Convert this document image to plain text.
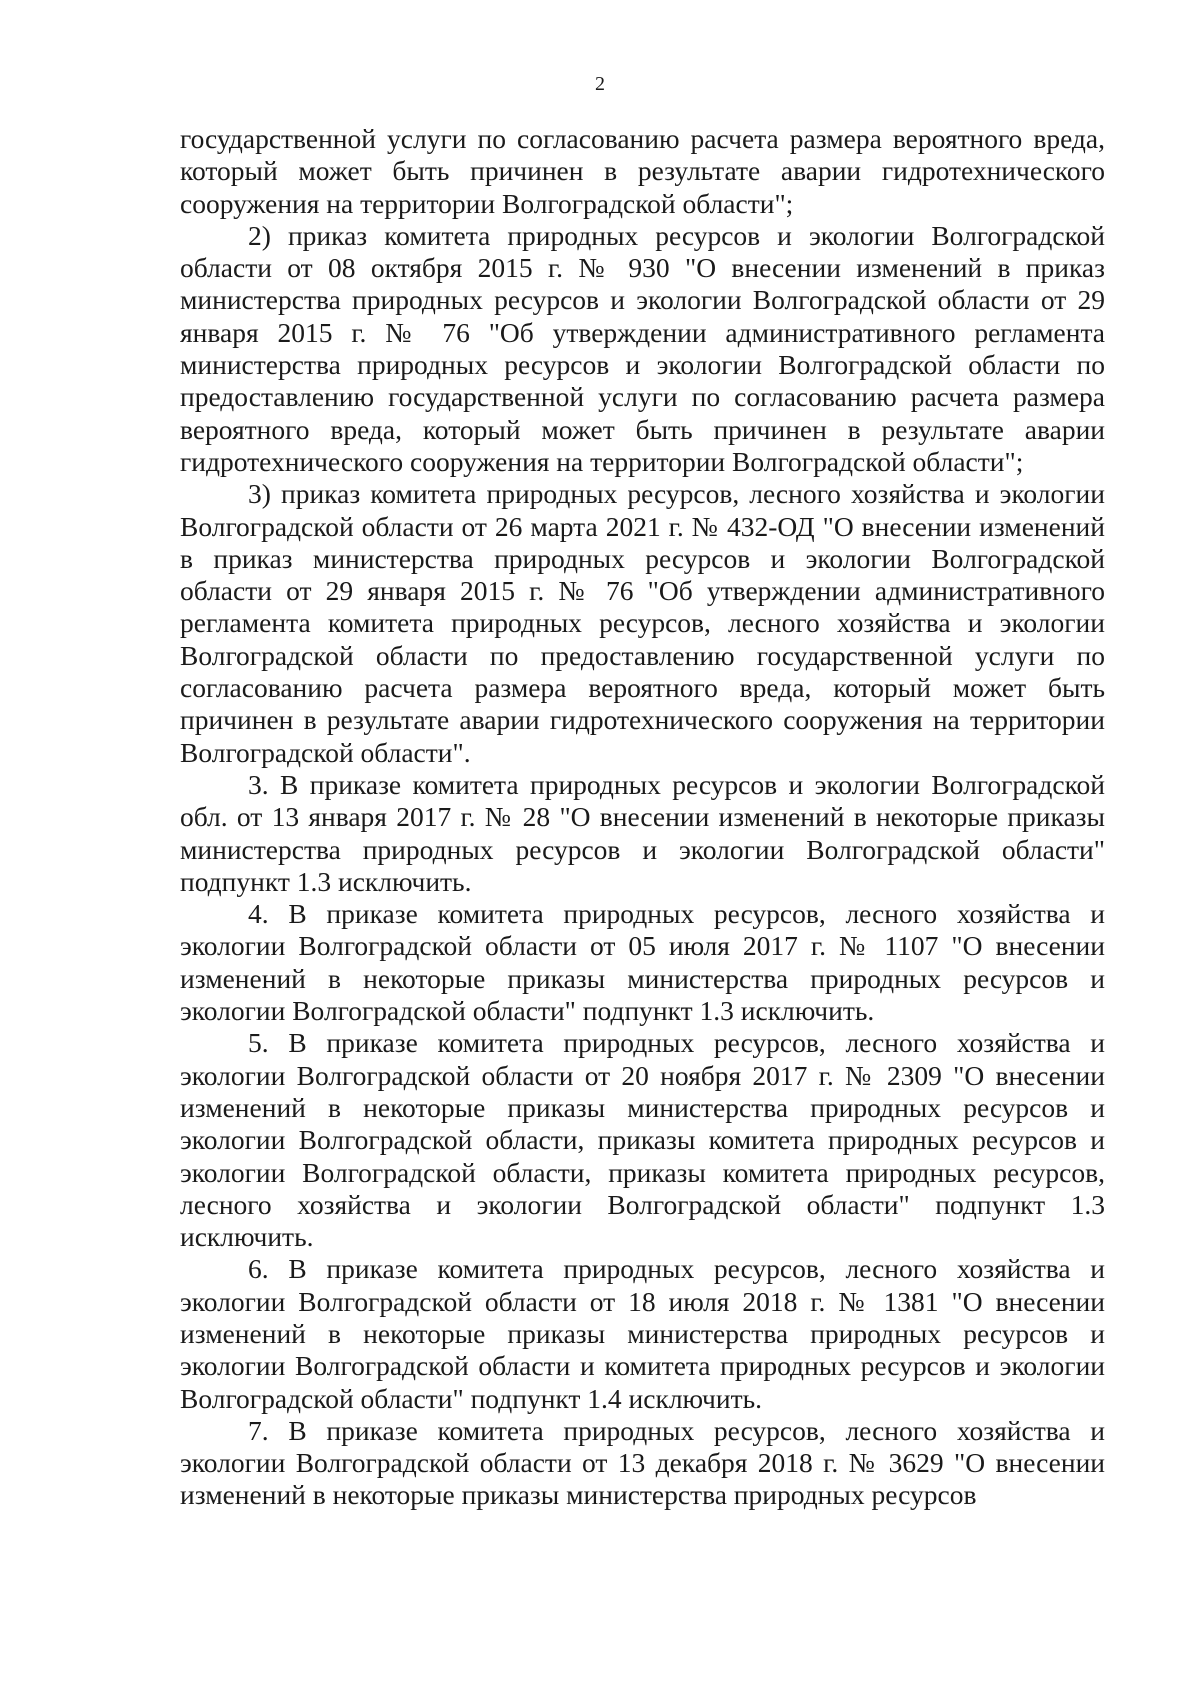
2

государственной услуги по согласованию расчета размера вероятного вреда, который может быть причинен в результате аварии гидротехнического сооружения на территории Волгоградской области";

2) приказ комитета природных ресурсов и экологии Волгоградской области от 08 октября 2015 г. № 930 "О внесении изменений в приказ министерства природных ресурсов и экологии Волгоградской области от 29 января 2015 г. № 76 "Об утверждении административного регламента министерства природных ресурсов и экологии Волгоградской области по предоставлению государственной услуги по согласованию расчета размера вероятного вреда, который может быть причинен в результате аварии гидротехнического сооружения на территории Волгоградской области";

3) приказ комитета природных ресурсов, лесного хозяйства и экологии Волгоградской области от 26 марта 2021 г. № 432-ОД "О внесении изменений в приказ министерства природных ресурсов и экологии Волгоградской области от 29 января 2015 г. № 76 "Об утверждении административного регламента комитета природных ресурсов, лесного хозяйства и экологии Волгоградской области по предоставлению государственной услуги по согласованию расчета размера вероятного вреда, который может быть причинен в результате аварии гидротехнического сооружения на территории Волгоградской области".

3. В приказе комитета природных ресурсов и экологии Волгоградской обл. от 13 января 2017 г. № 28 "О внесении изменений в некоторые приказы министерства природных ресурсов и экологии Волгоградской области" подпункт 1.3 исключить.

4. В приказе комитета природных ресурсов, лесного хозяйства и экологии Волгоградской области от 05 июля 2017 г. № 1107 "О внесении изменений в некоторые приказы министерства природных ресурсов и экологии Волгоградской области" подпункт 1.3 исключить.

5. В приказе комитета природных ресурсов, лесного хозяйства и экологии Волгоградской области от 20 ноября 2017 г. № 2309 "О внесении изменений в некоторые приказы министерства природных ресурсов и экологии Волгоградской области, приказы комитета природных ресурсов и экологии Волгоградской области, приказы комитета природных ресурсов, лесного хозяйства и экологии Волгоградской области" подпункт 1.3 исключить.

6. В приказе комитета природных ресурсов, лесного хозяйства и экологии Волгоградской области от 18 июля 2018 г. № 1381 "О внесении изменений в некоторые приказы министерства природных ресурсов и экологии Волгоградской области и комитета природных ресурсов и экологии Волгоградской области" подпункт 1.4 исключить.

7. В приказе комитета природных ресурсов, лесного хозяйства и экологии Волгоградской области от 13 декабря 2018 г. № 3629 "О внесении изменений в некоторые приказы министерства природных ресурсов
